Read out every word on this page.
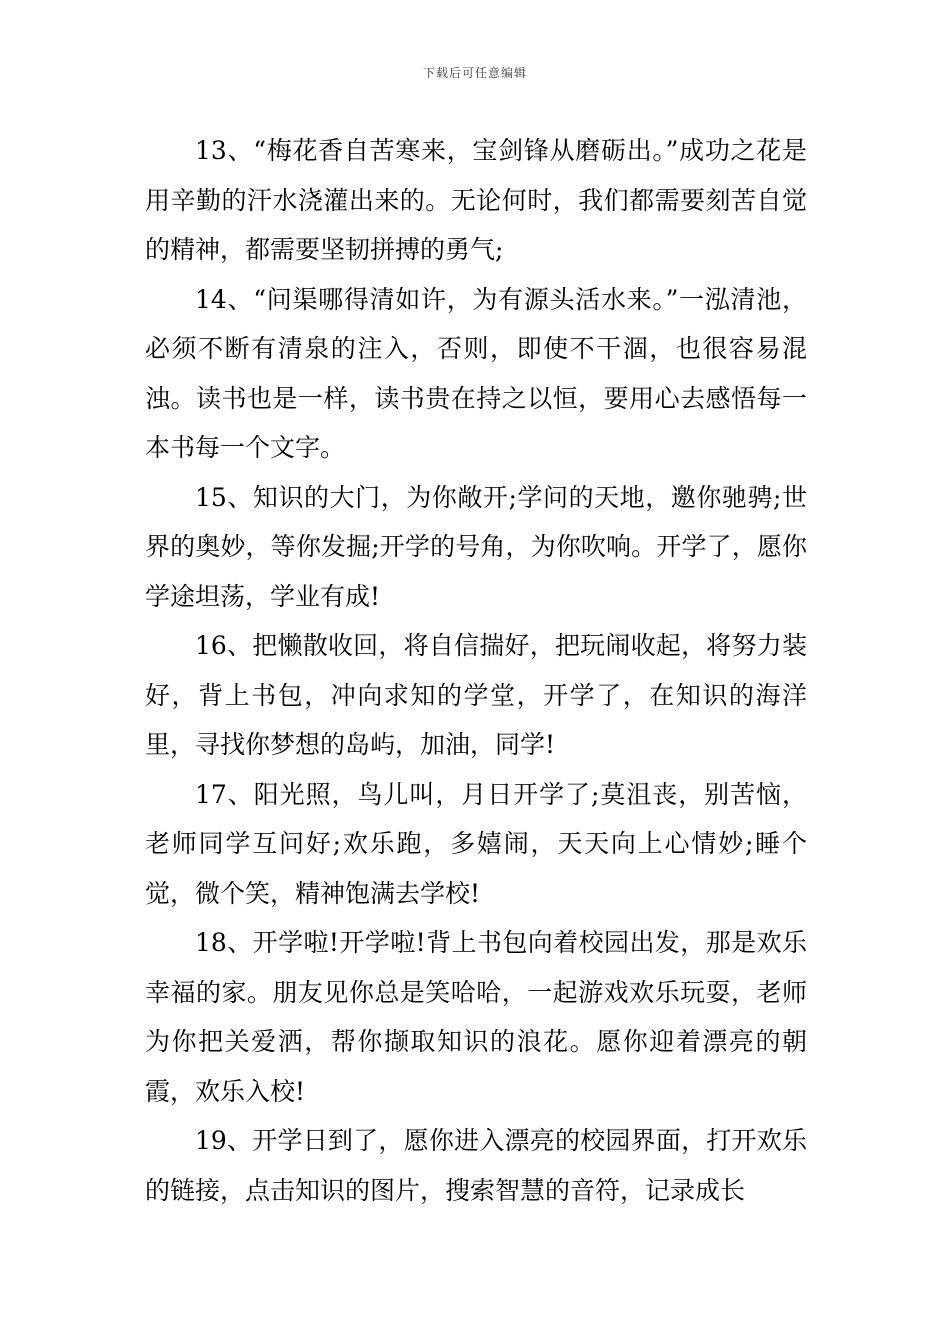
下载后可任意编辑

13、“梅花香自苦寒来，宝剑锋从磨砺出。”成功之花是用辛勤的汗水浇灌出来的。无论何时，我们都需要刻苦自觉的精神，都需要坚韧拼搏的勇气;

14、“问渠哪得清如许，为有源头活水来。”一泓清池，必须不断有清泉的注入，否则，即使不干涸，也很容易混浊。读书也是一样，读书贵在持之以恒，要用心去感悟每一本书每一个文字。

15、知识的大门，为你敞开;学问的天地，邀你驰骋;世界的奥妙，等你发掘;开学的号角，为你吹响。开学了，愿你学途坦荡，学业有成!

16、把懒散收回，将自信揣好，把玩闹收起，将努力装好，背上书包，冲向求知的学堂，开学了，在知识的海洋里，寻找你梦想的岛屿，加油，同学!

17、阳光照，鸟儿叫，月日开学了;莫沮丧，别苦恼，老师同学互问好;欢乐跑，多嬉闹，天天向上心情妙;睡个觉，微个笑，精神饱满去学校!

18、开学啦!开学啦!背上书包向着校园出发，那是欢乐幸福的家。朋友见你总是笑哈哈，一起游戏欢乐玩耍，老师为你把关爱洒，帮你撷取知识的浪花。愿你迎着漂亮的朝霞，欢乐入校!

19、开学日到了，愿你进入漂亮的校园界面，打开欢乐的链接，点击知识的图片，搜索智慧的音符，记录成长
